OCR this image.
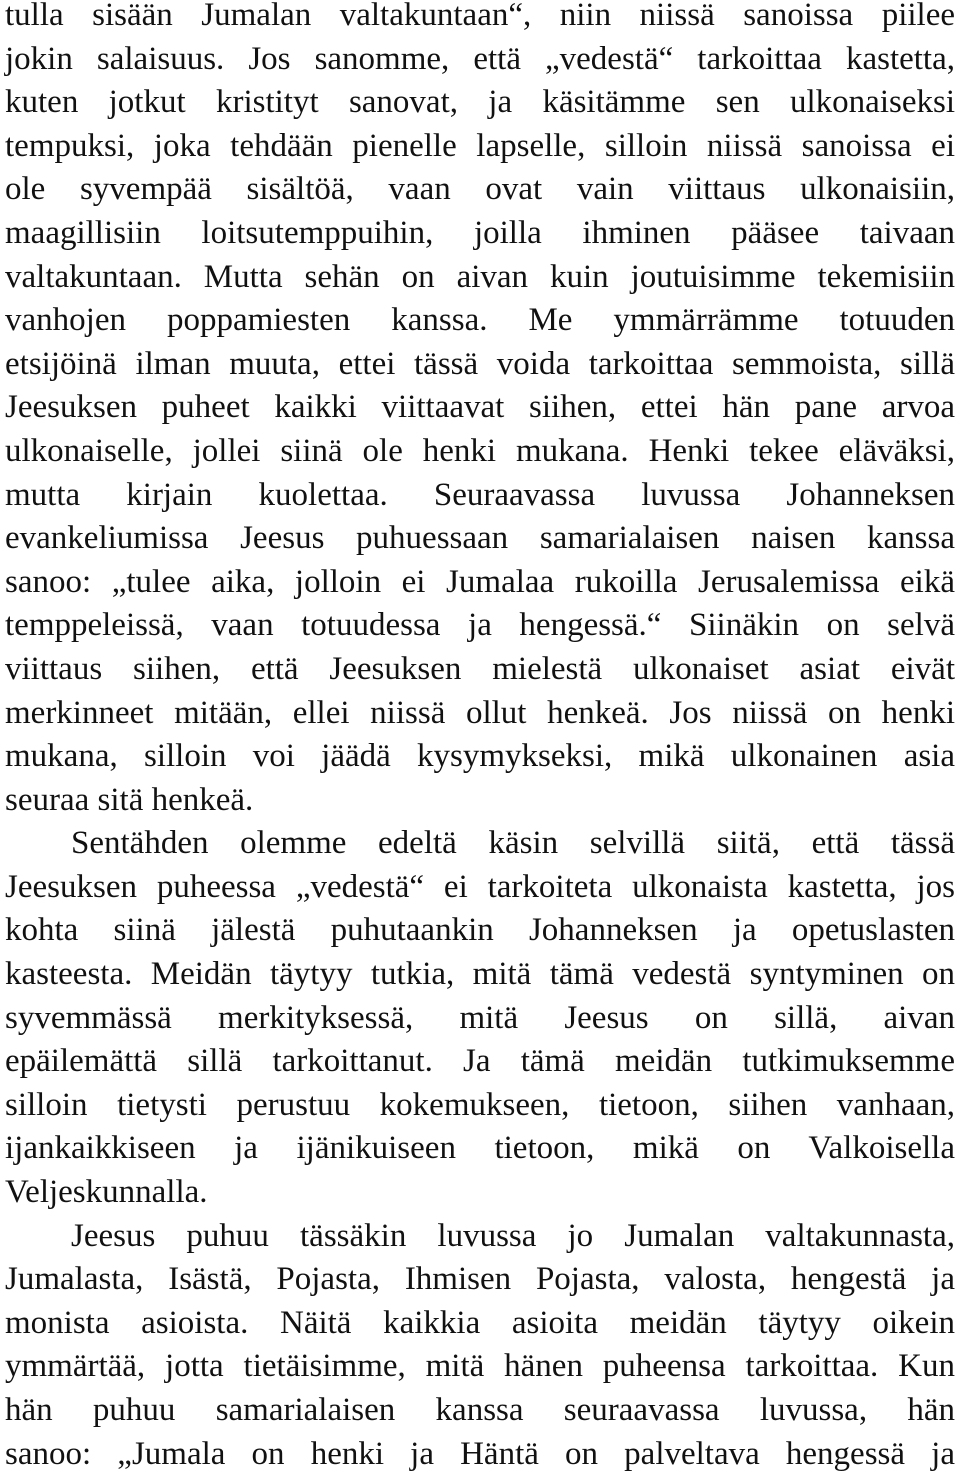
tulla sisään Jumalan valtakuntaan“, niin niissä sanoissa piilee
jokin salaisuus. Jos sanomme, että „vedestä“ tarkoittaa kastetta,
kuten jotkut kristityt sanovat, ja käsitämme sen ulkonaiseksi
tempuksi, joka tehdään pienelle lapselle, silloin niissä sanoissa ei
ole syvempää sisältöä, vaan ovat vain viittaus ulkonaisiin,
maagillisiin loitsutemppuihin, joilla ihminen pääsee taivaan
valtakuntaan. Mutta sehän on aivan kuin joutuisimme tekemisiin
vanhojen poppamiesten kanssa. Me ymmärrämme totuuden
etsijöinä ilman muuta, ettei tässä voida tarkoittaa semmoista, sillä
Jeesuksen puheet kaikki viittaavat siihen, ettei hän pane arvoa
ulkonaiselle, jollei siinä ole henki mukana. Henki tekee eläväksi,
mutta kirjain kuolettaa. Seuraavassa luvussa Johanneksen
evankeliumissa Jeesus puhuessaan samarialaisen naisen kanssa
sanoo: „tulee aika, jolloin ei Jumalaa rukoilla Jerusalemissa eikä
temppeleissä, vaan totuudessa ja hengessä.“ Siinäkin on selvä
viittaus siihen, että Jeesuksen mielestä ulkonaiset asiat eivät
merkinneet mitään, ellei niissä ollut henkeä. Jos niissä on henki
mukana, silloin voi jäädä kysymykseksi, mikä ulkonainen asia
seuraa sitä henkeä.
Sentähden olemme edeltä käsin selvillä siitä, että tässä
Jeesuksen puheessa „vedestä“ ei tarkoiteta ulkonaista kastetta, jos
kohta siinä jälestä puhutaankin Johanneksen ja opetuslasten
kasteesta. Meidän täytyy tutkia, mitä tämä vedestä syntyminen on
syvemmässä merkityksessä, mitä Jeesus on sillä, aivan
epäilemättä sillä tarkoittanut. Ja tämä meidän tutkimuksemme
silloin tietysti perustuu kokemukseen, tietoon, siihen vanhaan,
ijankaikkiseen ja ijänikuiseen tietoon, mikä on Valkoisella
Veljeskunnalla.
Jeesus puhuu tässäkin luvussa jo Jumalan valtakunnasta,
Jumalasta, Isästä, Pojasta, Ihmisen Pojasta, valosta, hengestä ja
monista asioista. Näitä kaikkia asioita meidän täytyy oikein
ymmärtää, jotta tietäisimme, mitä hänen puheensa tarkoittaa. Kun
hän puhuu samarialaisen kanssa seuraavassa luvussa, hän
sanoo: „Jumala on henki ja Häntä on palveltava hengessä ja
